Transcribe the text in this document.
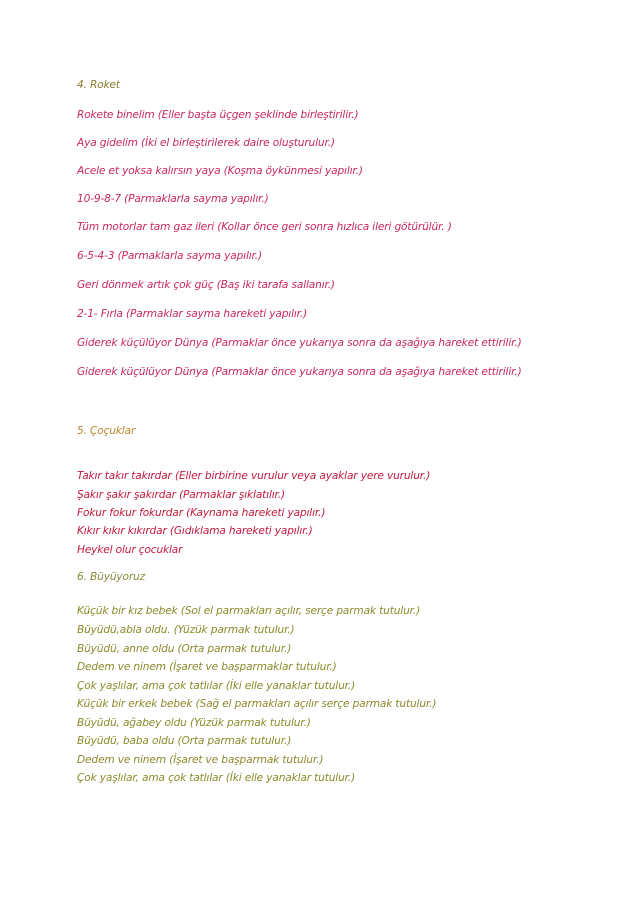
4. Roket
Rokete binelim (Eller başta üçgen şeklinde birleştirilir.)
Aya gidelim (İki el birleştirilerek daire oluşturulur.)
Acele et yoksa kalırsın yaya (Koşma öykünmesi yapılır.)
10-9-8-7 (Parmaklarla sayma yapılır.)
Tüm motorlar tam gaz ileri (Kollar önce geri sonra hızlıca ileri götürülür. )
6-5-4-3 (Parmaklarla sayma yapılır.)
Geri dönmek artık çok güç (Baş iki tarafa sallanır.)
2-1- Fırla (Parmaklar sayma hareketi yapılır.)
Giderek küçülüyor Dünya (Parmaklar önce yukarıya sonra da aşağıya hareket ettirilir.)
Giderek küçülüyor Dünya (Parmaklar önce yukarıya sonra da aşağıya hareket ettirilir.)
5. Çoçuklar
Takır takır takırdar (Eller birbirine vurulur veya ayaklar yere vurulur.)
Şakır şakır şakırdar (Parmaklar şıklatılır.)
Fokur fokur fokurdar (Kaynama hareketi yapılır.)
Kıkır kıkır kıkırdar (Gıdıklama hareketi yapılır.)
Heykel olur çocuklar
6. Büyüyoruz
Küçük bir kız bebek (Sol el parmakları açılır, serçe parmak tutulur.)
Büyüdü,abla oldu. (Yüzük parmak tutulur.)
Büyüdü, anne oldu (Orta parmak tutulur.)
Dedem ve ninem (İşaret ve başparmaklar tutulur.)
Çok yaşlılar, ama çok tatlılar (İki elle yanaklar tutulur.)
Küçük bir erkek bebek (Sağ el parmakları açılır serçe parmak tutulur.)
Büyüdü, ağabey oldu (Yüzük parmak tutulur.)
Büyüdü, baba oldu (Orta parmak tutulur.)
Dedem ve ninem (İşaret ve başparmak tutulur.)
Çok yaşlılar, ama çok tatlılar (İki elle yanaklar tutulur.)
